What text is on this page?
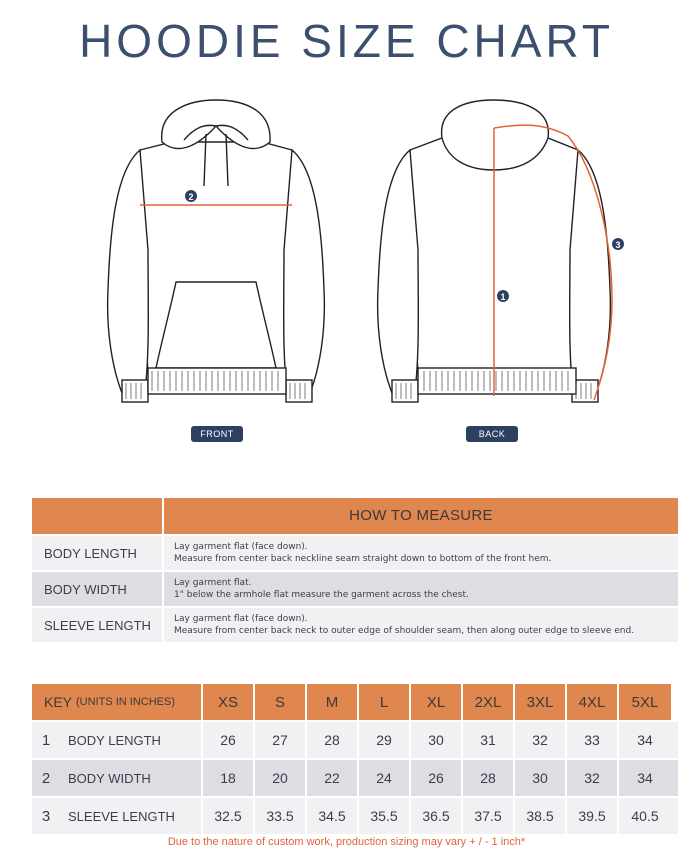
HOODIE SIZE CHART
2
1
3
FRONT	BACK
HOW TO MEASURE
BODY LENGTH	Lay garment flat (face down).
Measure from center back neckline seam straight down to bottom of the front hem.
BODY WIDTH	Lay garment flat.
1" below the armhole flat measure the garment across the chest.
SLEEVE LENGTH	Lay garment flat (face down).
Measure from center back neck to outer edge of shoulder seam, then along outer edge to sleeve end.
KEY (UNITS IN INCHES)	XS	S	M	L	XL	2XL	3XL	4XL	5XL
1	BODY LENGTH	26	27	28	29	30	31	32	33	34
2	BODY WIDTH	18	20	22	24	26	28	30	32	34
3	SLEEVE LENGTH	32.5	33.5	34.5	35.5	36.5	37.5	38.5	39.5	40.5
Due to the nature of custom work, production sizing may vary + / - 1 inch*
